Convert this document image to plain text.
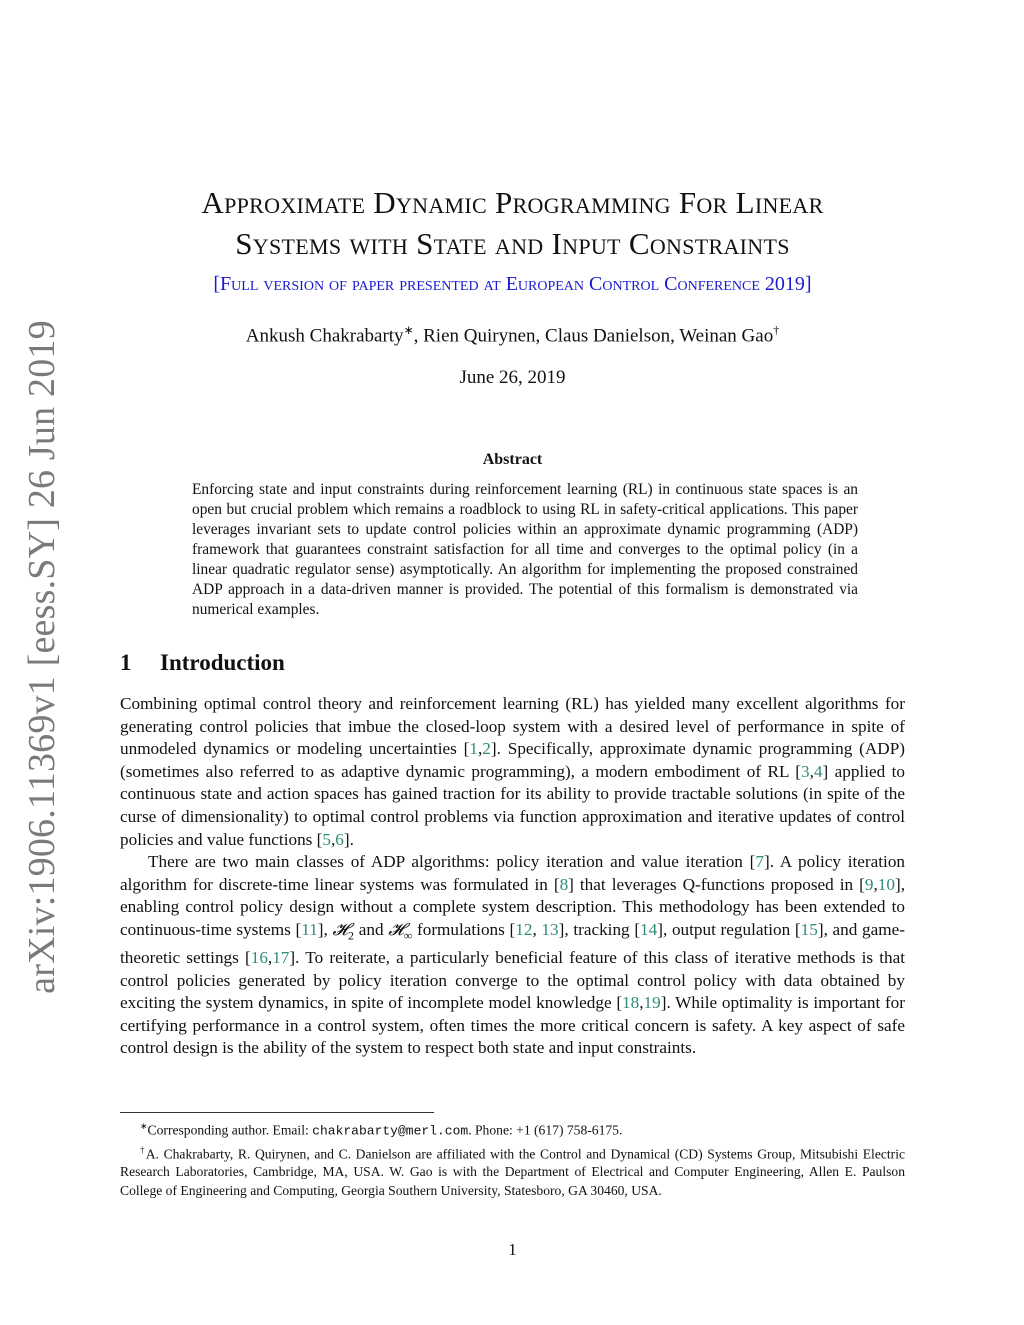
arXiv:1906.11369v1 [eess.SY] 26 Jun 2019
Approximate Dynamic Programming For Linear
Systems with State and Input Constraints
[Full version of paper presented at European Control Conference 2019]
Ankush Chakrabarty∗, Rien Quirynen, Claus Danielson, Weinan Gao†
June 26, 2019
Abstract
Enforcing state and input constraints during reinforcement learning (RL) in continuous state spaces is an open but crucial problem which remains a roadblock to using RL in safety-critical applications. This paper leverages invariant sets to update control policies within an approximate dynamic programming (ADP) framework that guarantees constraint satisfaction for all time and converges to the optimal policy (in a linear quadratic regulator sense) asymptotically. An algorithm for implementing the proposed constrained ADP approach in a data-driven manner is provided. The potential of this formalism is demonstrated via numerical examples.
1 Introduction

Combining optimal control theory and reinforcement learning (RL) has yielded many excellent algorithms for generating control policies that imbue the closed-loop system with a desired level of performance in spite of unmodeled dynamics or modeling uncertainties [1,2]. Specifically, approximate dynamic programming (ADP) (sometimes also referred to as adaptive dynamic programming), a modern embodiment of RL [3,4] applied to continuous state and action spaces has gained traction for its ability to provide tractable solutions (in spite of the curse of dimensionality) to optimal control problems via function approximation and iterative updates of control policies and value functions [5,6].

There are two main classes of ADP algorithms: policy iteration and value iteration [7]. A policy iteration algorithm for discrete-time linear systems was formulated in [8] that leverages Q-functions proposed in [9,10], enabling control policy design without a complete system description. This methodology has been extended to continuous-time systems [11], 𝓗$_2$ and 𝓗$_\infty$ formulations [12, 13], tracking [14], output regulation [15], and game-theoretic settings [16,17]. To reiterate, a particularly beneficial feature of this class of iterative methods is that control policies generated by policy iteration converge to the optimal control policy with data obtained by exciting the system dynamics, in spite of incomplete model knowledge [18,19]. While optimality is important for certifying performance in a control system, often times the more critical concern is safety. A key aspect of safe control design is the ability of the system to respect both state and input constraints.

∗Corresponding author. Email: chakrabarty@merl.com. Phone: +1 (617) 758-6175.

†A. Chakrabarty, R. Quirynen, and C. Danielson are affiliated with the Control and Dynamical (CD) Systems Group, Mitsubishi Electric Research Laboratories, Cambridge, MA, USA. W. Gao is with the Department of Electrical and Computer Engineering, Allen E. Paulson College of Engineering and Computing, Georgia Southern University, Statesboro, GA 30460, USA.

1
